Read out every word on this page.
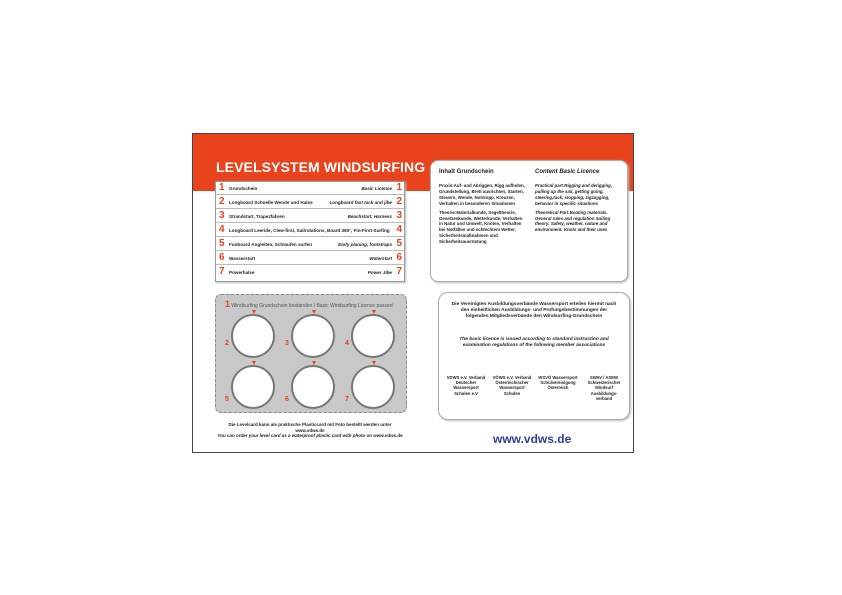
LEVELSYSTEM WINDSURFING
1 Grundschein	Basic Licence 1
2 Longboard Schnelle Wende und Halse	Longboard fast tack and jibe 2
3 Strandstart, Trapezfahren	Beachstart, Harness 3
4 Longboard Leeride, Clew-first, Sailrotations, Board 360°, Fin-First-Surfing 4
5 Funboard Angleiten, Schlaufen surfen	Early planing, footstraps 5
6 Wasserstart	Waterstart 6
7 Powerhalse	Power Jibe 7
Inhalt Grundschein	Content Basic Licence

Praxis:Auf- und Abriggen, Rigg aufholen, Grundstellung, Brett ausrichten, Starten, Steuern, Wende, Notstopp, Kreuzen, Verhalten in besonderen Situationen

Theorie:Materialkunde, Segeltheorie, Gesetzeskunde, Wetterkunde, Verhalten in Natur und Umwelt, Knoten, Verhalten bei Notfällen und schlechtem Wetter, Sicherheitsmaßnahmen und Sicherheitsausrüstung

Practical part:Rigging and derigging, pulling up the sail, getting going, steering,tack, stopping, zigzagging, behavior in specific situations

Theoretical Part:Boating materials. General rules and regulation Sailing theory. Safety, weather, nature and environment. Knots and their uses

1 Windsurfing Grundschein bestanden / Basic Windsurfing Licence passed
2	3	4
5	6	7
Die Levelcard kann als praktische Plasticcard mit Foto bestellt werden unter www.vdws.de
You can order your level card as a waterproof plastic card with photo on www.vdws.de
Die Vereinigten Ausbildungsverbände Wassersport erteilen hiermit nach den einheitlichen Ausbildungs- und Prüfungsbestimmungen der folgenden Mitgliedsverbände den Windsurfing-Grundschein
The basic licence is issued according to standard instruction and examination regulations of the following member associations
VDWS e.V. Verband Deutscher Wassersport Schulen e.V
VÖWS e.V. Verband Österreichischer Wassersport Schulen
WSVÖ Wassersport Schulvereinigung Österreich
SWAV / ASEW Schweizerischer Windsurf Ausbildungs-verband
www.vdws.de
